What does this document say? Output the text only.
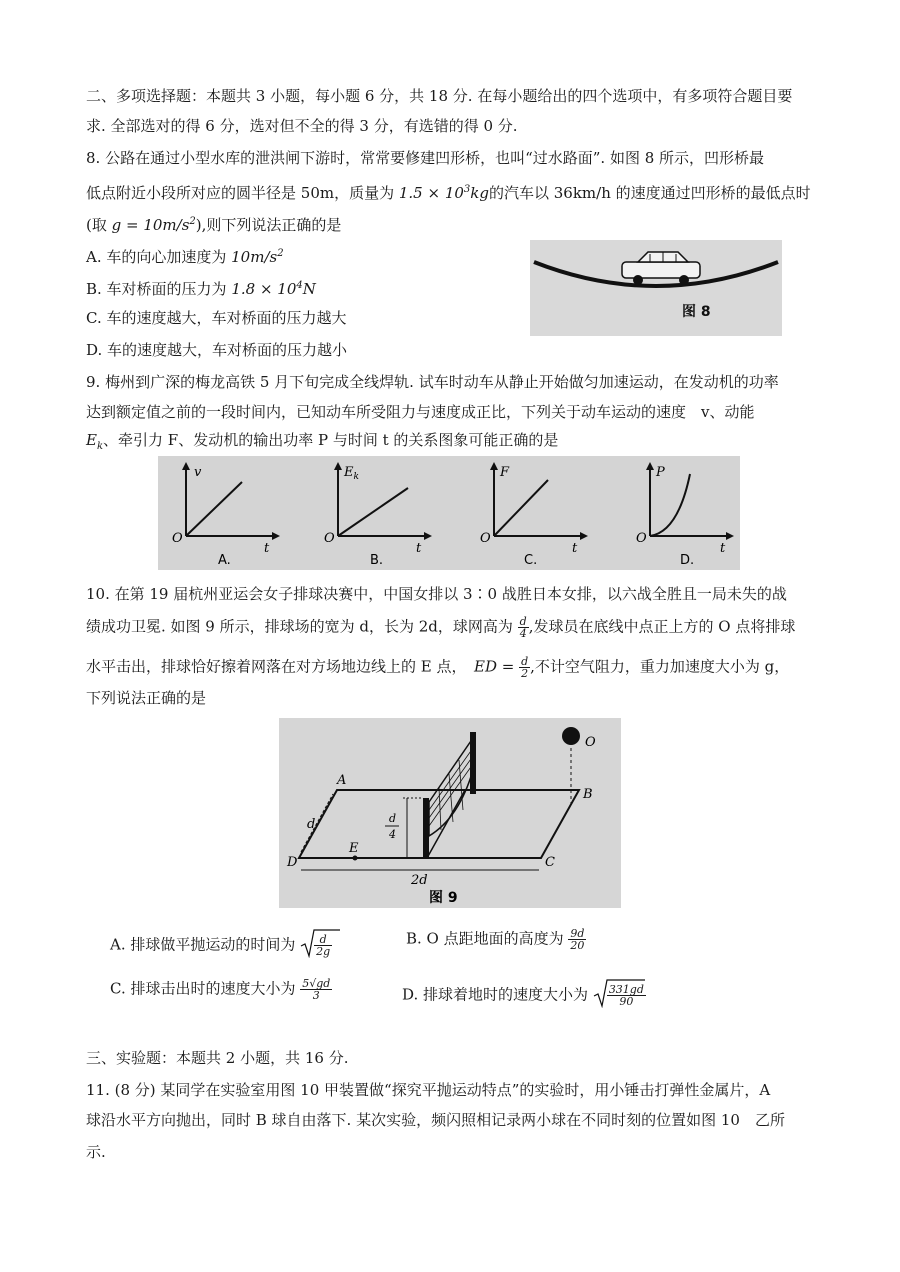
二、多项选择题：本题共 3 小题，每小题 6 分，共 18 分. 在每小题给出的四个选项中，有多项符合题目要
求. 全部选对的得 6 分，选对但不全的得 3 分，有选错的得 0 分.
8. 公路在通过小型水库的泄洪闸下游时，常常要修建凹形桥，也叫“过水路面”. 如图 8 所示，凹形桥最
低点附近小段所对应的圆半径是 50m，质量为 $1.5 \times 10^3kg$的汽车以 36km/h 的速度通过凹形桥的最低点时
(取 $g = 10m/s^2$),则下列说法正确的是
A. 车的向心加速度为 $10m/s^2$
B. 车对桥面的压力为 $1.8 \times 10^4N$
C. 车的速度越大，车对桥面的压力越大
D. 车的速度越大，车对桥面的压力越小
图 8
9. 梅州到广深的梅龙高铁 5 月下旬完成全线焊轨. 试车时动车从静止开始做匀加速运动，在发动机的功率
达到额定值之前的一段时间内，已知动车所受阻力与速度成正比，下列关于动车运动的速度　v、动能
$E_k$、牵引力 F、发动机的输出功率 P 与时间 t 的关系图象可能正确的是
v
t
O
A.
$E_k$
t
O
B.
F
t
O
C.
P
t
O
D.
10. 在第 19 届杭州亚运会女子排球决赛中，中国女排以 3∶0 战胜日本女排，以六战全胜且一局未失的战
绩成功卫冕. 如图 9 所示，排球场的宽为 d，长为 2d，球网高为 $\frac{d}{4}$ ,发球员在底线中点正上方的 O 点将排球
水平击出，排球恰好擦着网落在对方场地边线上的 E 点，　ED = $\frac{d}{2}$ ,不计空气阻力，重力加速度大小为 g，
下列说法正确的是
O
A
B
C
D
E
d	d
4
2d
图 9
A. 排球做平抛运动的时间为 $\frac{d}{2g}$	B. O 点距地面的高度为 $\frac{9d}{20}$
C. 排球击出时的速度大小为 $\frac{5√gd}{3}$	D. 排球着地时的速度大小为 $\frac{331gd}{90}$
三、实验题：本题共 2 小题，共 16 分.
11. (8 分) 某同学在实验室用图 10 甲装置做“探究平抛运动特点”的实验时，用小锤击打弹性金属片，A
球沿水平方向抛出，同时 B 球自由落下. 某次实验，频闪照相记录两小球在不同时刻的位置如图 10　乙所
示.
